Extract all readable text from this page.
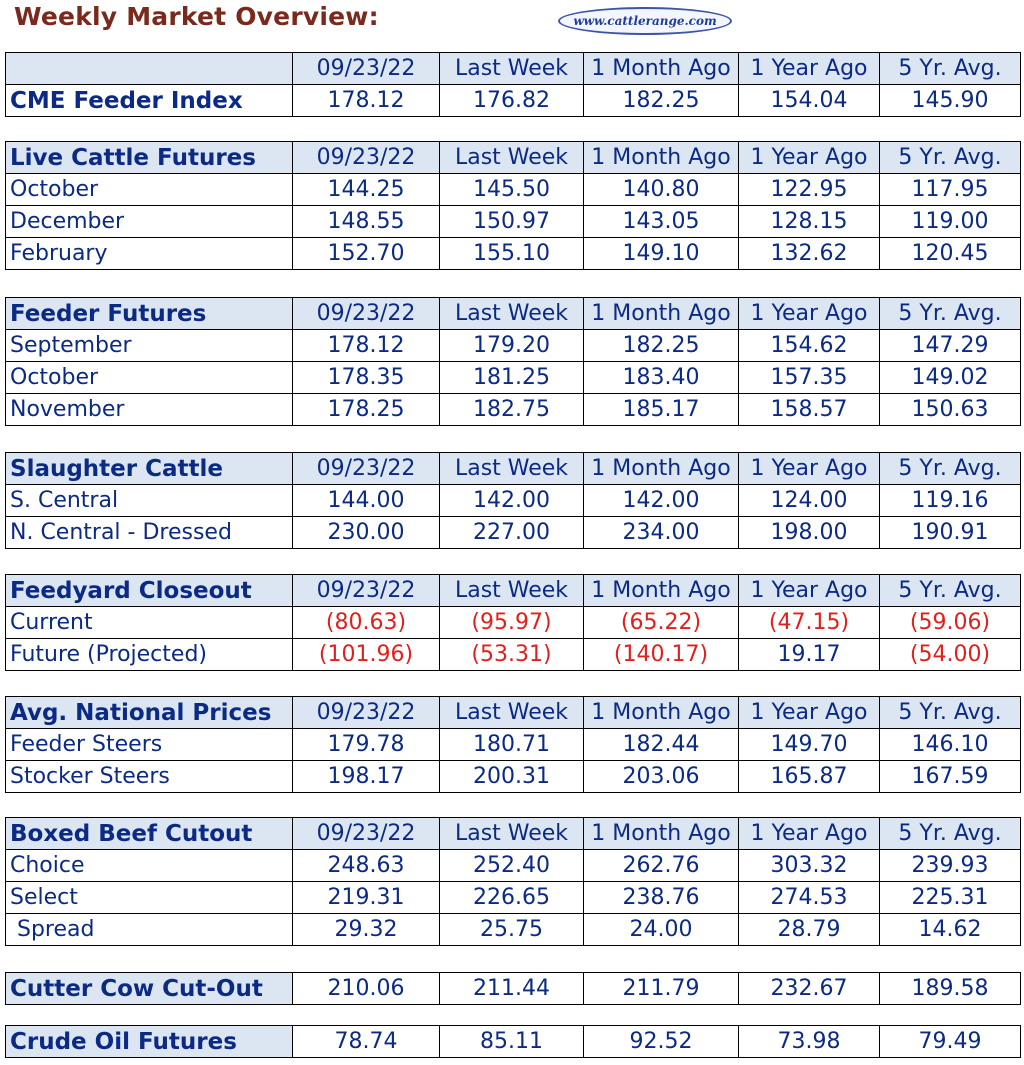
Weekly Market Overview:	www.cattlerange.com
	09/23/22	Last Week	1 Month Ago	1 Year Ago	5 Yr. Avg.
CME Feeder Index	178.12	176.82	182.25	154.04	145.90
Live Cattle Futures	09/23/22	Last Week	1 Month Ago	1 Year Ago	5 Yr. Avg.
October	144.25	145.50	140.80	122.95	117.95
December	148.55	150.97	143.05	128.15	119.00
February	152.70	155.10	149.10	132.62	120.45
Feeder Futures	09/23/22	Last Week	1 Month Ago	1 Year Ago	5 Yr. Avg.
September	178.12	179.20	182.25	154.62	147.29
October	178.35	181.25	183.40	157.35	149.02
November	178.25	182.75	185.17	158.57	150.63
Slaughter Cattle	09/23/22	Last Week	1 Month Ago	1 Year Ago	5 Yr. Avg.
S. Central	144.00	142.00	142.00	124.00	119.16
N. Central - Dressed	230.00	227.00	234.00	198.00	190.91
Feedyard Closeout	09/23/22	Last Week	1 Month Ago	1 Year Ago	5 Yr. Avg.
Current	(80.63)	(95.97)	(65.22)	(47.15)	(59.06)
Future (Projected)	(101.96)	(53.31)	(140.17)	19.17	(54.00)
Avg. National Prices	09/23/22	Last Week	1 Month Ago	1 Year Ago	5 Yr. Avg.
Feeder Steers	179.78	180.71	182.44	149.70	146.10
Stocker Steers	198.17	200.31	203.06	165.87	167.59
Boxed Beef Cutout	09/23/22	Last Week	1 Month Ago	1 Year Ago	5 Yr. Avg.
Choice	248.63	252.40	262.76	303.32	239.93
Select	219.31	226.65	238.76	274.53	225.31
Spread	29.32	25.75	24.00	28.79	14.62
Cutter Cow Cut-Out	210.06	211.44	211.79	232.67	189.58
Crude Oil Futures	78.74	85.11	92.52	73.98	79.49
